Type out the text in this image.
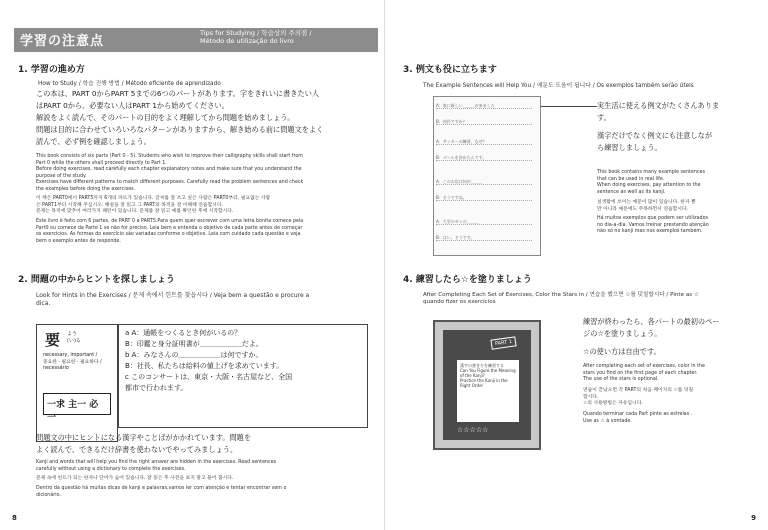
学習の注意点
Tips for Studying / 학습상의 주의점 /
Método de utilização do livro
1. 学習の進め方
How to Study / 학습 진행 방법 / Método eficiente de aprendizado
この本は、PART 0からPART 5までの6つのパートがあります。字をきれいに書きたい人
はPART 0から、必要ない人はPART 1から始めてください。
解説をよく読んで、そのパートの目的をよく理解してから問題を始めましょう。
問題は目的に合わせていろいろなパターンがありますから、解き始める前に問題文をよく
読んで、必ず例を確認しましょう。
This book consists of six parts (Part 0 - 5). Students who wish to improve their calligraphy skills shall start from
Part 0 while the others shall proceed directly to Part 1.
Before doing exercises, read carefully each chapter explanatory notes and make sure that you understand the
purpose of the study.
Exercises have different patterns to match different purposes. Carefully read the problem sentences and check
the examples before doing the exercises.
이 책은 PART0에서 PART5까지 6개의 파트가 있습니다. 글씨를 잘 쓰고 싶은 사람은 PART0부터, 필요없는 사람
은 PART1부터 시작해 주십시오. 해설을 잘 읽고 그 PART의 목적을 잘 이해해 연습합시다.
문제는 목적에 맞추어 여러가지 패턴이 있습니다. 문제를 잘 읽고 예를 확인한 후에 시작합시다.
Este livro é feito com 6 partes, de PART 0 a PART5.Para quem quer escrever com uma letra bonita comece pela
Part0 ou comece da Parte 1 se não for preciso. Leia bem e entenda o objetivo de cada parte antes de começar
os exercícios. As formas do exercício são variadas conforme o objetivo. Leia com cuidado cada questão e veja
bem o exemplo antes de responde.
2. 問題の中からヒントを探しましょう
Look for Hints in the Exercises / 문제 속에서 힌트를 찾읍시다 / Veja bem a questão e procure a
dica.
要 よう
(い)る
necessary, important /
중요한 · 필요한 · 필요하다 /
necessário
一求 主一 必一
a A：通帳をつくるとき何がいるの？
B：印鑑と身分証明書が＿＿＿＿＿＿だよ。
b A：みなさんの＿＿＿＿＿＿は何ですか。
B：社長、私たちは給料の値上げを求めています。
c このコンサートは、東京・大阪・名古屋など、全国
都市で行われます。
問題文の中にヒントになる漢字やことばがかかれています。問題を
よく読んで、できるだけ辞書を使わないでやってみましょう。
Kanji and words that will help you find the right answer are hidden in the exercises. Read sentences
carefully without using a dictionary to complete the exercises.
문제 속에 힌트가 되는 한자나 단어가 숨어 있습니다. 잘 읽은 후 사전을 보지 말고 풀어 봅시다.
Dentro da questão há muitas dicas de kanji e palavras,vamos ler com atenção e tentar encontrar sem o
dicionário.
8
3. 例文も役に立ちます
The Example Sentences will Help You / 예문도 도움이 됩니다 / Os exemplos também serão úteis
A：家に新しい＿＿＿が来ました
B：何匹ですか？
A：サッカーの練習、なぜ？
B：ゴールを決めたんです。
A：このお店は何が＿＿＿
B：そうですね。
A：大学のゼミの＿＿＿
B：はい、そうです。
実生活に使える例文がたくさんありま
す。
漢字だけでなく例文にも注意しなが
ら練習しましょう。
This book contains many example sentences
that can be used in real life.
When doing exercises, pay attention to the
sentence as well as its kanji.
실생활에 쓰이는 예문이 많이 있습니다. 한자 뿐
만 아니라 예문에도 주목하면서 연습합시다.
Há muitos exemplos que podem ser utilizados
no dia-a-dia. Vamos treinar prestando atenção
não só no kanji mas nos exemplos também.
4. 練習したら☆を塗りましょう
After Completing Each Set of Exercises, Color the Stars in / 연습을 했으면 ☆를 덧칠합시다 / Pinte as ☆
quando fizer os exercícios
PART 1
漢字の書き方を練習する
Can You Figure the Meaning of the Kanji?
Practice the Kanji in the Right Order
☆☆☆☆☆
練習が終わったら、各パートの最初のペー
ジの☆を塗りましょう。
☆の使い方は自由です。
After completing each set of exercises, color in the
stars you find on the first page of each chapter.
The use of the stars is optional.
연습이 끝났으면 각 PART의 처음 페이지의 ☆를 덧칠
합시다.
☆의 사용방법은 자유입니다.
Quando terminar cada Part pinte as estrelas .
Use as ☆ à vontade.
9
